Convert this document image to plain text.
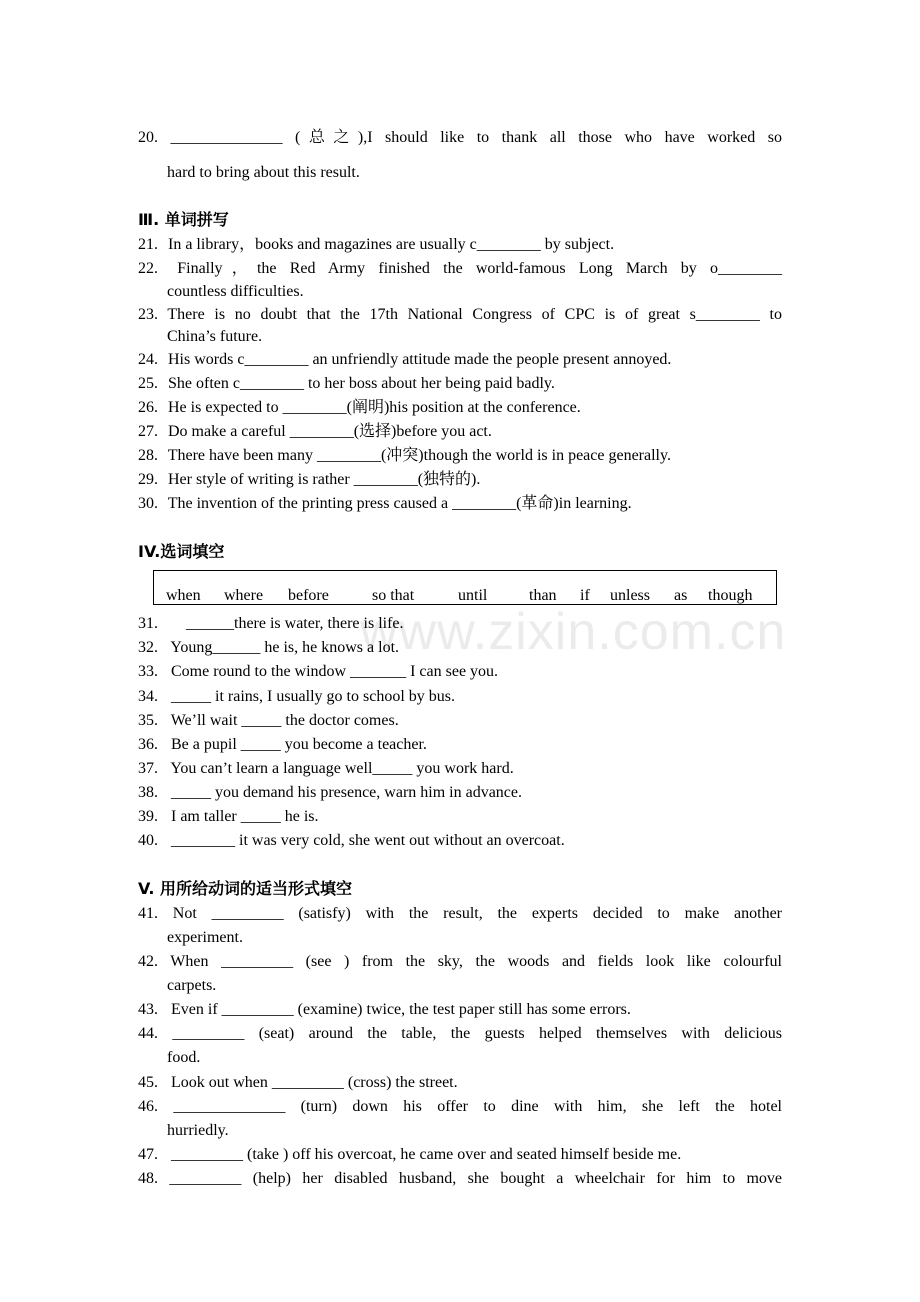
www.zixin.com.cn
20. ______________ (总之),I should like to thank all those who have worked so
hard to bring about this result.
Ⅲ. 单词拼写
21. In a library，books and magazines are usually c________ by subject.
22. Finally，the Red Army finished the world-famous Long March by o________
countless difficulties.
23. There is no doubt that the 17th National Congress of CPC is of great s________ to
China’s future.
24. His words c________ an unfriendly attitude made the people present annoyed.
25. She often c________ to her boss about her being paid badly.
26. He is expected to ________(阐明)his position at the conference.
27. Do make a careful ________(选择)before you act.
28. There have been many ________(冲突)though the world is in peace generally.
29. Her style of writing is rather ________(独特的).
30. The invention of the printing press caused a ________(革命)in learning.
IV.选词填空
when where before	so that	until	than if unless as though
31. ______there is water, there is life.
32. Young______ he is, he knows a lot.
33. Come round to the window _______ I can see you.
34. _____ it rains, I usually go to school by bus.
35. We’ll wait _____ the doctor comes.
36. Be a pupil _____ you become a teacher.
37. You can’t learn a language well_____ you work hard.
38. _____ you demand his presence, warn him in advance.
39. I am taller _____ he is.
40. ________ it was very cold, she went out without an overcoat.
V. 用所给动词的适当形式填空
41. Not _________ (satisfy) with the result, the experts decided to make another
experiment.
42. When _________ (see ) from the sky, the woods and fields look like colourful
carpets.
43. Even if _________ (examine) twice, the test paper still has some errors.
44. _________ (seat) around the table, the guests helped themselves with delicious
food.
45. Look out when _________ (cross) the street.
46. ______________ (turn) down his offer to dine with him, she left the hotel
hurriedly.
47. _________ (take ) off his overcoat, he came over and seated himself beside me.
48. _________ (help) her disabled husband, she bought a wheelchair for him to move
